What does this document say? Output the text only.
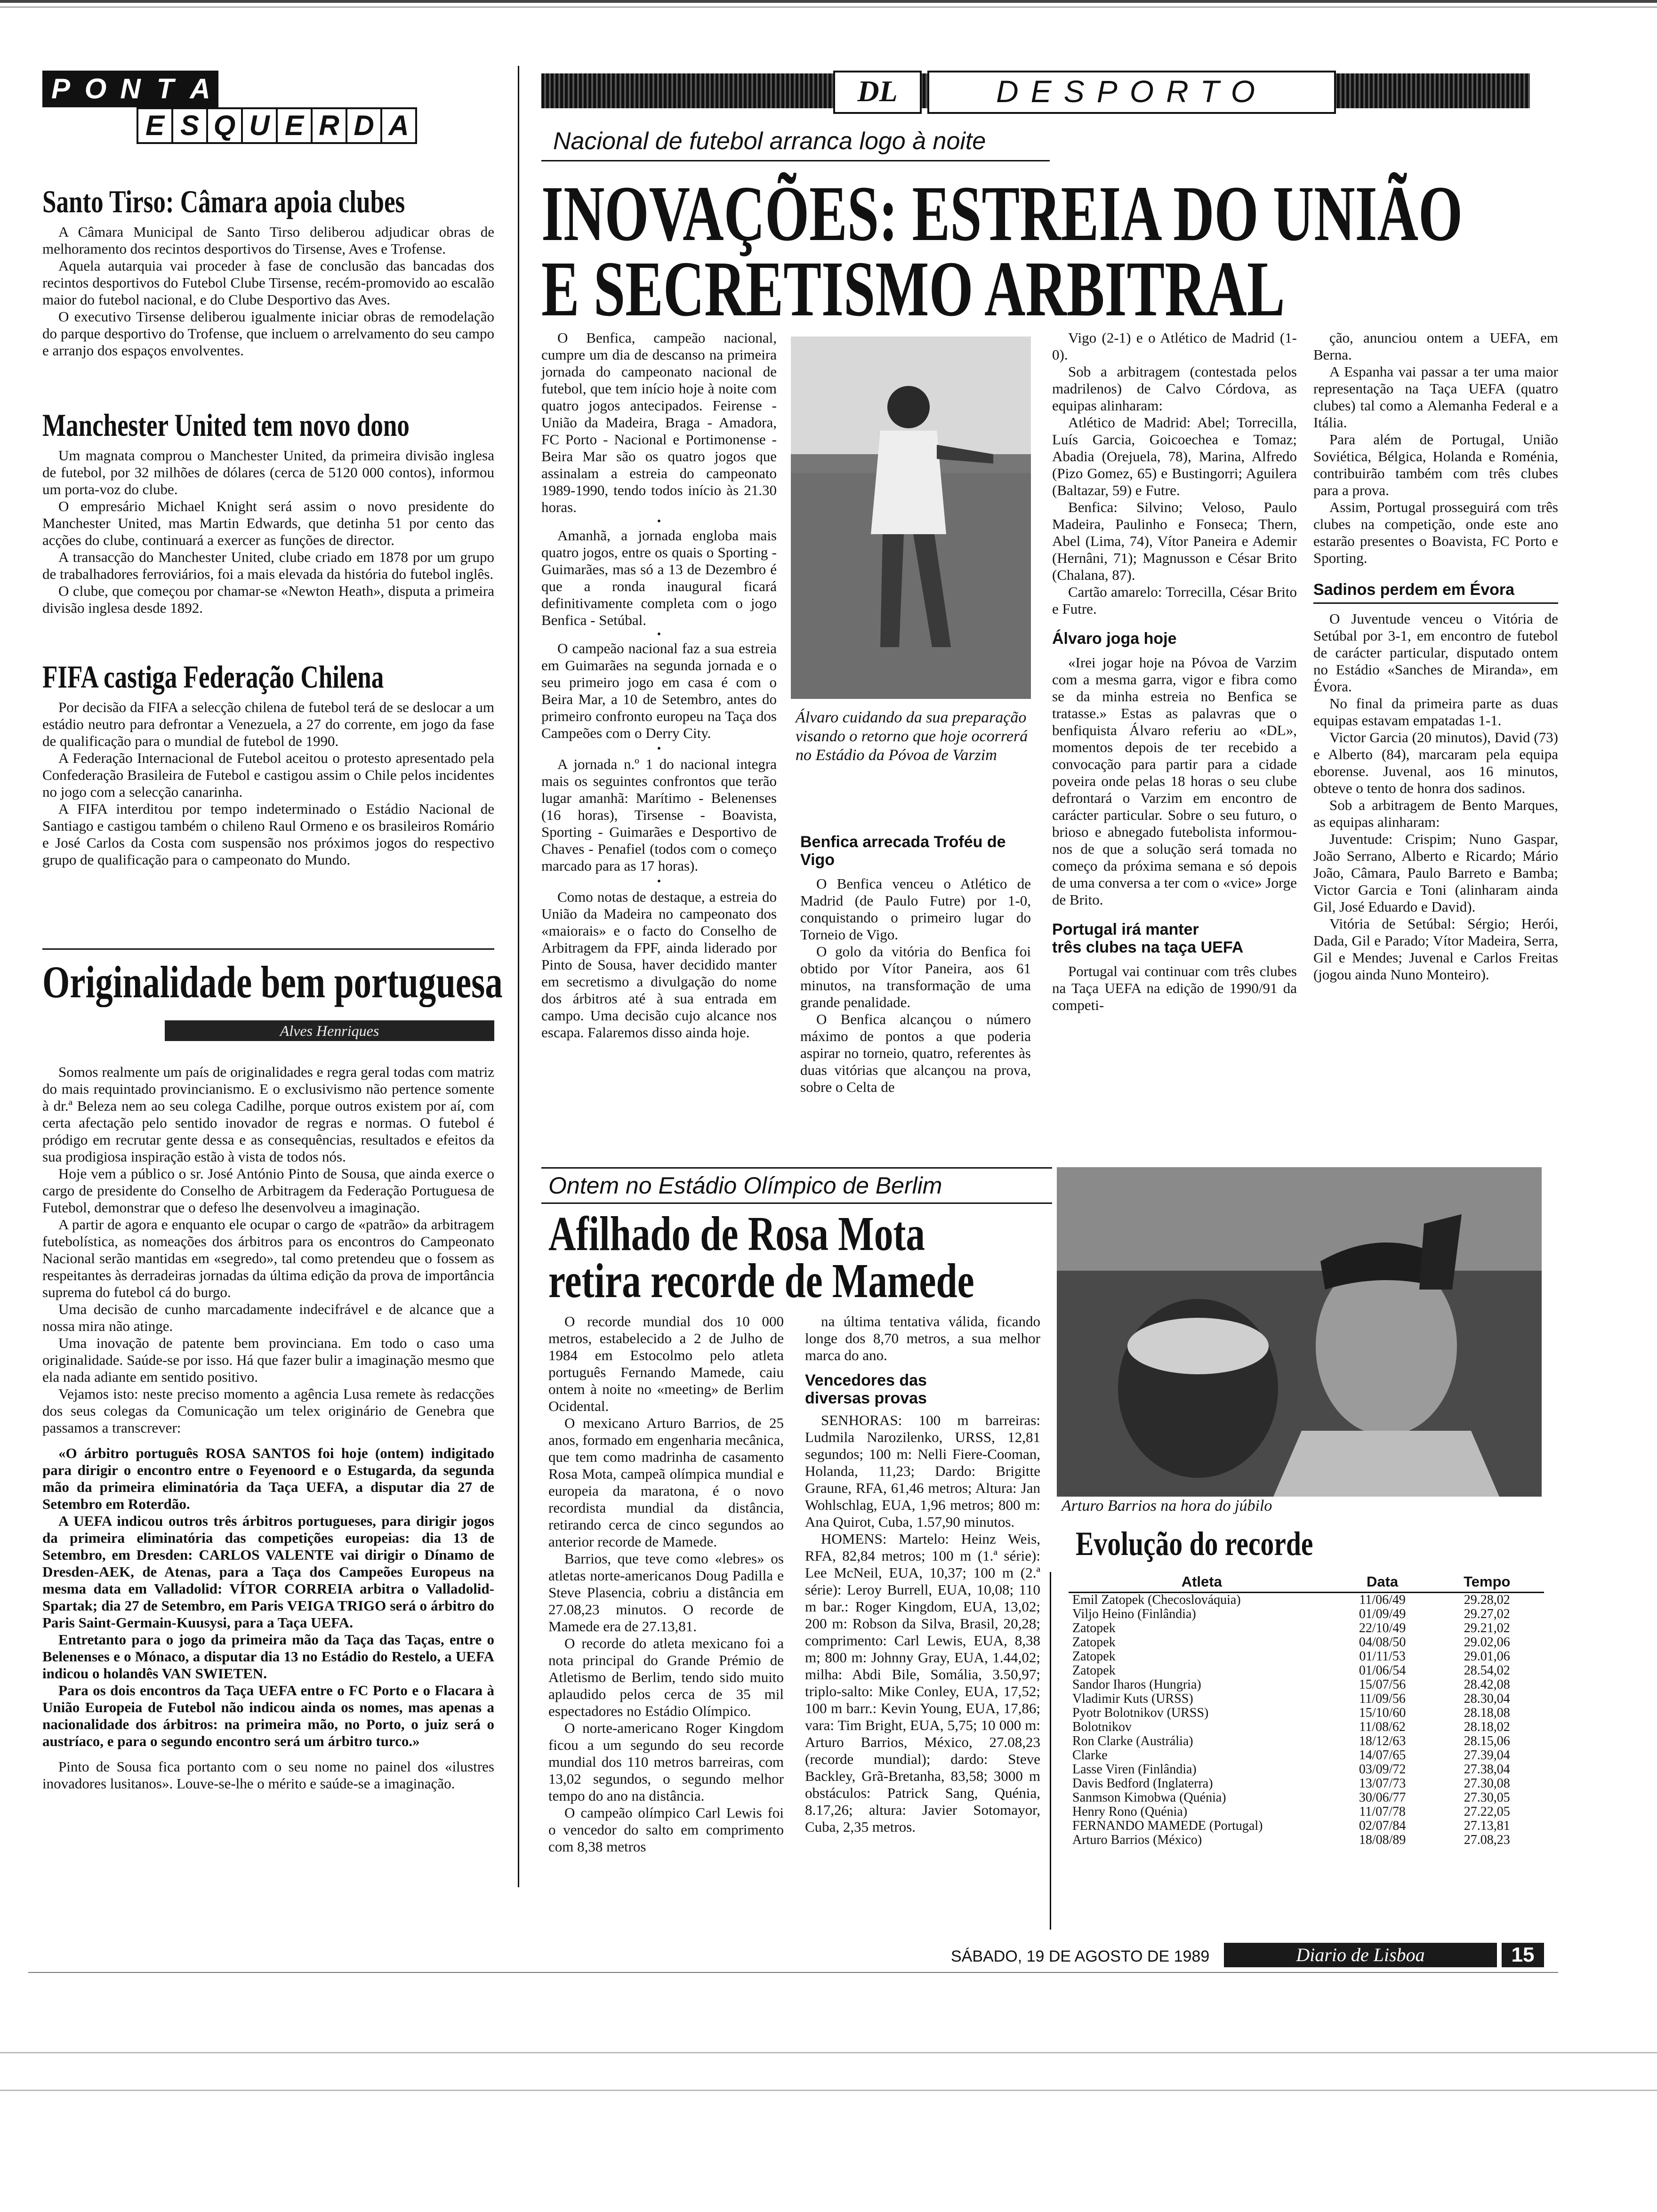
P O N T A
E S Q U E R D A
Santo Tirso: Câmara apoia clubes

A Câmara Municipal de Santo Tirso deliberou adjudicar obras de melhoramento dos recintos desportivos do Tirsense, Aves e Trofense.

Aquela autarquia vai proceder à fase de conclusão das bancadas dos recintos desportivos do Futebol Clube Tirsense, recém-promovido ao escalão maior do futebol nacional, e do Clube Desportivo das Aves.

O executivo Tirsense deliberou igualmente iniciar obras de remodelação do parque desportivo do Trofense, que incluem o arrelvamento do seu campo e arranjo dos espaços envolventes.

Manchester United tem novo dono

Um magnata comprou o Manchester United, da primeira divisão inglesa de futebol, por 32 milhões de dólares (cerca de 5120 000 contos), informou um porta-voz do clube.

O empresário Michael Knight será assim o novo presidente do Manchester United, mas Martin Edwards, que detinha 51 por cento das acções do clube, continuará a exercer as funções de director.

A transacção do Manchester United, clube criado em 1878 por um grupo de trabalhadores ferroviários, foi a mais elevada da história do futebol inglês.

O clube, que começou por chamar-se «Newton Heath», disputa a primeira divisão inglesa desde 1892.

FIFA castiga Federação Chilena

Por decisão da FIFA a selecção chilena de futebol terá de se deslocar a um estádio neutro para defrontar a Venezuela, a 27 do corrente, em jogo da fase de qualificação para o mundial de futebol de 1990.

A Federação Internacional de Futebol aceitou o protesto apresentado pela Confederação Brasileira de Futebol e castigou assim o Chile pelos incidentes no jogo com a selecção canarinha.

A FIFA interditou por tempo indeterminado o Estádio Nacional de Santiago e castigou também o chileno Raul Ormeno e os brasileiros Romário e José Carlos da Costa com suspensão nos próximos jogos do respectivo grupo de qualificação para o campeonato do Mundo.

Originalidade bem portuguesa
Alves Henriques

Somos realmente um país de originalidades e regra geral todas com matriz do mais requintado provincianismo. E o exclusivismo não pertence somente à dr.ª Beleza nem ao seu colega Cadilhe, porque outros existem por aí, com certa afectação pelo sentido inovador de regras e normas. O futebol é pródigo em recrutar gente dessa e as consequências, resultados e efeitos da sua prodigiosa inspiração estão à vista de todos nós.

Hoje vem a público o sr. José António Pinto de Sousa, que ainda exerce o cargo de presidente do Conselho de Arbitragem da Federação Portuguesa de Futebol, demonstrar que o defeso lhe desenvolveu a imaginação.

A partir de agora e enquanto ele ocupar o cargo de «patrão» da arbitragem futebolística, as nomeações dos árbitros para os encontros do Campeonato Nacional serão mantidas em «segredo», tal como pretendeu que o fossem as respeitantes às derradeiras jornadas da última edição da prova de importância suprema do futebol cá do burgo.

Uma decisão de cunho marcadamente indecifrável e de alcance que a nossa mira não atinge.

Uma inovação de patente bem provinciana. Em todo o caso uma originalidade. Saúde-se por isso. Há que fazer bulir a imaginação mesmo que ela nada adiante em sentido positivo.

Vejamos isto: neste preciso momento a agência Lusa remete às redacções dos seus colegas da Comunicação um telex originário de Genebra que passamos a transcrever:

«O árbitro português ROSA SANTOS foi hoje (ontem) indigitado para dirigir o encontro entre o Feyenoord e o Estugarda, da segunda mão da primeira eliminatória da Taça UEFA, a disputar dia 27 de Setembro em Roterdão.

A UEFA indicou outros três árbitros portugueses, para dirigir jogos da primeira eliminatória das competições europeias: dia 13 de Setembro, em Dresden: CARLOS VALENTE vai dirigir o Dínamo de Dresden-AEK, de Atenas, para a Taça dos Campeões Europeus na mesma data em Valladolid: VÍTOR CORREIA arbitra o Valladolid-Spartak; dia 27 de Setembro, em Paris VEIGA TRIGO será o árbitro do Paris Saint-Germain-Kuusysi, para a Taça UEFA.

Entretanto para o jogo da primeira mão da Taça das Taças, entre o Belenenses e o Mónaco, a disputar dia 13 no Estádio do Restelo, a UEFA indicou o holandês VAN SWIETEN.

Para os dois encontros da Taça UEFA entre o FC Porto e o Flacara à União Europeia de Futebol não indicou ainda os nomes, mas apenas a nacionalidade dos árbitros: na primeira mão, no Porto, o juiz será o austríaco, e para o segundo encontro será um árbitro turco.»

Pinto de Sousa fica portanto com o seu nome no painel dos «ilustres inovadores lusitanos». Louve-se-lhe o mérito e saúde-se a imaginação.

DL	DESPORTO
Nacional de futebol arranca logo à noite
INOVAÇÕES: ESTREIA DO UNIÃO
E SECRETISMO ARBITRAL

O Benfica, campeão nacional, cumpre um dia de descanso na primeira jornada do campeonato nacional de futebol, que tem início hoje à noite com quatro jogos antecipados. Feirense - União da Madeira, Braga - Amadora, FC Porto - Nacional e Portimonense - Beira Mar são os quatro jogos que assinalam a estreia do campeonato 1989-1990, tendo todos início às 21.30 horas.

•

Amanhã, a jornada engloba mais quatro jogos, entre os quais o Sporting - Guimarães, mas só a 13 de Dezembro é que a ronda inaugural ficará definitivamente completa com o jogo Benfica - Setúbal.

•

O campeão nacional faz a sua estreia em Guimarães na segunda jornada e o seu primeiro jogo em casa é com o Beira Mar, a 10 de Setembro, antes do primeiro confronto europeu na Taça dos Campeões com o Derry City.

•

A jornada n.º 1 do nacional integra mais os seguintes confrontos que terão lugar amanhã: Marítimo - Belenenses (16 horas), Tirsense - Boavista, Sporting - Guimarães e Desportivo de Chaves - Penafiel (todos com o começo marcado para as 17 horas).

•

Como notas de destaque, a estreia do União da Madeira no campeonato dos «maiorais» e o facto do Conselho de Arbitragem da FPF, ainda liderado por Pinto de Sousa, haver decidido manter em secretismo a divulgação do nome dos árbitros até à sua entrada em campo. Uma decisão cujo alcance nos escapa. Falaremos disso ainda hoje.

Álvaro cuidando da sua preparação visando o retorno que hoje ocorrerá no Estádio da Póvoa de Varzim
Benfica arrecada Troféu de Vigo

O Benfica venceu o Atlético de Madrid (de Paulo Futre) por 1-0, conquistando o primeiro lugar do Torneio de Vigo.

O golo da vitória do Benfica foi obtido por Vítor Paneira, aos 61 minutos, na transformação de uma grande penalidade.

O Benfica alcançou o número máximo de pontos a que poderia aspirar no torneio, quatro, referentes às duas vitórias que alcançou na prova, sobre o Celta de

Vigo (2-1) e o Atlético de Madrid (1-0).

Sob a arbitragem (contestada pelos madrilenos) de Calvo Córdova, as equipas alinharam:

Atlético de Madrid: Abel; Torrecilla, Luís Garcia, Goicoechea e Tomaz; Abadia (Orejuela, 78), Marina, Alfredo (Pizo Gomez, 65) e Bustingorri; Aguilera (Baltazar, 59) e Futre.

Benfica: Silvino; Veloso, Paulo Madeira, Paulinho e Fonseca; Thern, Abel (Lima, 74), Vítor Paneira e Ademir (Hernâni, 71); Magnusson e César Brito (Chalana, 87).

Cartão amarelo: Torrecilla, César Brito e Futre.

Álvaro joga hoje

«Irei jogar hoje na Póvoa de Varzim com a mesma garra, vigor e fibra como se da minha estreia no Benfica se tratasse.» Estas as palavras que o benfiquista Álvaro referiu ao «DL», momentos depois de ter recebido a convocação para partir para a cidade poveira onde pelas 18 horas o seu clube defrontará o Varzim em encontro de carácter particular. Sobre o seu futuro, o brioso e abnegado futebolista informou-nos de que a solução será tomada no começo da próxima semana e só depois de uma conversa a ter com o «vice» Jorge de Brito.

Portugal irá manter
três clubes na taça UEFA

Portugal vai continuar com três clubes na Taça UEFA na edição de 1990/91 da competi-

ção, anunciou ontem a UEFA, em Berna.

A Espanha vai passar a ter uma maior representação na Taça UEFA (quatro clubes) tal como a Alemanha Federal e a Itália.

Para além de Portugal, União Soviética, Bélgica, Holanda e Roménia, contribuirão também com três clubes para a prova.

Assim, Portugal prosseguirá com três clubes na competição, onde este ano estarão presentes o Boavista, FC Porto e Sporting.

Sadinos perdem em Évora

O Juventude venceu o Vitória de Setúbal por 3-1, em encontro de futebol de carácter particular, disputado ontem no Estádio «Sanches de Miranda», em Évora.

No final da primeira parte as duas equipas estavam empatadas 1-1.

Victor Garcia (20 minutos), David (73) e Alberto (84), marcaram pela equipa eborense. Juvenal, aos 16 minutos, obteve o tento de honra dos sadinos.

Sob a arbitragem de Bento Marques, as equipas alinharam:

Juventude: Crispim; Nuno Gaspar, João Serrano, Alberto e Ricardo; Mário João, Câmara, Paulo Barreto e Bamba; Victor Garcia e Toni (alinharam ainda Gil, José Eduardo e David).

Vitória de Setúbal: Sérgio; Herói, Dada, Gil e Parado; Vítor Madeira, Serra, Gil e Mendes; Juvenal e Carlos Freitas (jogou ainda Nuno Monteiro).

Ontem no Estádio Olímpico de Berlim
Afilhado de Rosa Mota
retira recorde de Mamede

O recorde mundial dos 10 000 metros, estabelecido a 2 de Julho de 1984 em Estocolmo pelo atleta português Fernando Mamede, caiu ontem à noite no «meeting» de Berlim Ocidental.

O mexicano Arturo Barrios, de 25 anos, formado em engenharia mecânica, que tem como madrinha de casamento Rosa Mota, campeã olímpica mundial e europeia da maratona, é o novo recordista mundial da distância, retirando cerca de cinco segundos ao anterior recorde de Mamede.

Barrios, que teve como «lebres» os atletas norte-americanos Doug Padilla e Steve Plasencia, cobriu a distância em 27.08,23 minutos. O recorde de Mamede era de 27.13,81.

O recorde do atleta mexicano foi a nota principal do Grande Prémio de Atletismo de Berlim, tendo sido muito aplaudido pelos cerca de 35 mil espectadores no Estádio Olímpico.

O norte-americano Roger Kingdom ficou a um segundo do seu recorde mundial dos 110 metros barreiras, com 13,02 segundos, o segundo melhor tempo do ano na distância.

O campeão olímpico Carl Lewis foi o vencedor do salto em comprimento com 8,38 metros

na última tentativa válida, ficando longe dos 8,70 metros, a sua melhor marca do ano.

Vencedores das
diversas provas

SENHORAS: 100 m barreiras: Ludmila Narozilenko, URSS, 12,81 segundos; 100 m: Nelli Fiere-Cooman, Holanda, 11,23; Dardo: Brigitte Graune, RFA, 61,46 metros; Altura: Jan Wohlschlag, EUA, 1,96 metros; 800 m: Ana Quirot, Cuba, 1.57,90 minutos.

HOMENS: Martelo: Heinz Weis, RFA, 82,84 metros; 100 m (1.ª série): Lee McNeil, EUA, 10,37; 100 m (2.ª série): Leroy Burrell, EUA, 10,08; 110 m bar.: Roger Kingdom, EUA, 13,02; 200 m: Robson da Silva, Brasil, 20,28; comprimento: Carl Lewis, EUA, 8,38 m; 800 m: Johnny Gray, EUA, 1.44,02; milha: Abdi Bile, Somália, 3.50,97; triplo-salto: Mike Conley, EUA, 17,52; 100 m barr.: Kevin Young, EUA, 17,86; vara: Tim Bright, EUA, 5,75; 10 000 m: Arturo Barrios, México, 27.08,23 (recorde mundial); dardo: Steve Backley, Grã-Bretanha, 83,58; 3000 m obstáculos: Patrick Sang, Quénia, 8.17,26; altura: Javier Sotomayor, Cuba, 2,35 metros.

Arturo Barrios na hora do júbilo
Evolução do recorde
Atleta	Data	Tempo
Emil Zatopek (Checoslováquia)	11/06/49	29.28,02
Viljo Heino (Finlândia)	01/09/49	29.27,02
Zatopek	22/10/49	29.21,02
Zatopek	04/08/50	29.02,06
Zatopek	01/11/53	29.01,06
Zatopek	01/06/54	28.54,02
Sandor Iharos (Hungria)	15/07/56	28.42,08
Vladimir Kuts (URSS)	11/09/56	28.30,04
Pyotr Bolotnikov (URSS)	15/10/60	28.18,08
Bolotnikov	11/08/62	28.18,02
Ron Clarke (Austrália)	18/12/63	28.15,06
Clarke	14/07/65	27.39,04
Lasse Viren (Finlândia)	03/09/72	27.38,04
Davis Bedford (Inglaterra)	13/07/73	27.30,08
Sanmson Kimobwa (Quénia)	30/06/77	27.30,05
Henry Rono (Quénia)	11/07/78	27.22,05
FERNANDO MAMEDE (Portugal)	02/07/84	27.13,81
Arturo Barrios (México)	18/08/89	27.08,23
SÁBADO, 19 DE AGOSTO DE 1989	Diario de Lisboa	15
